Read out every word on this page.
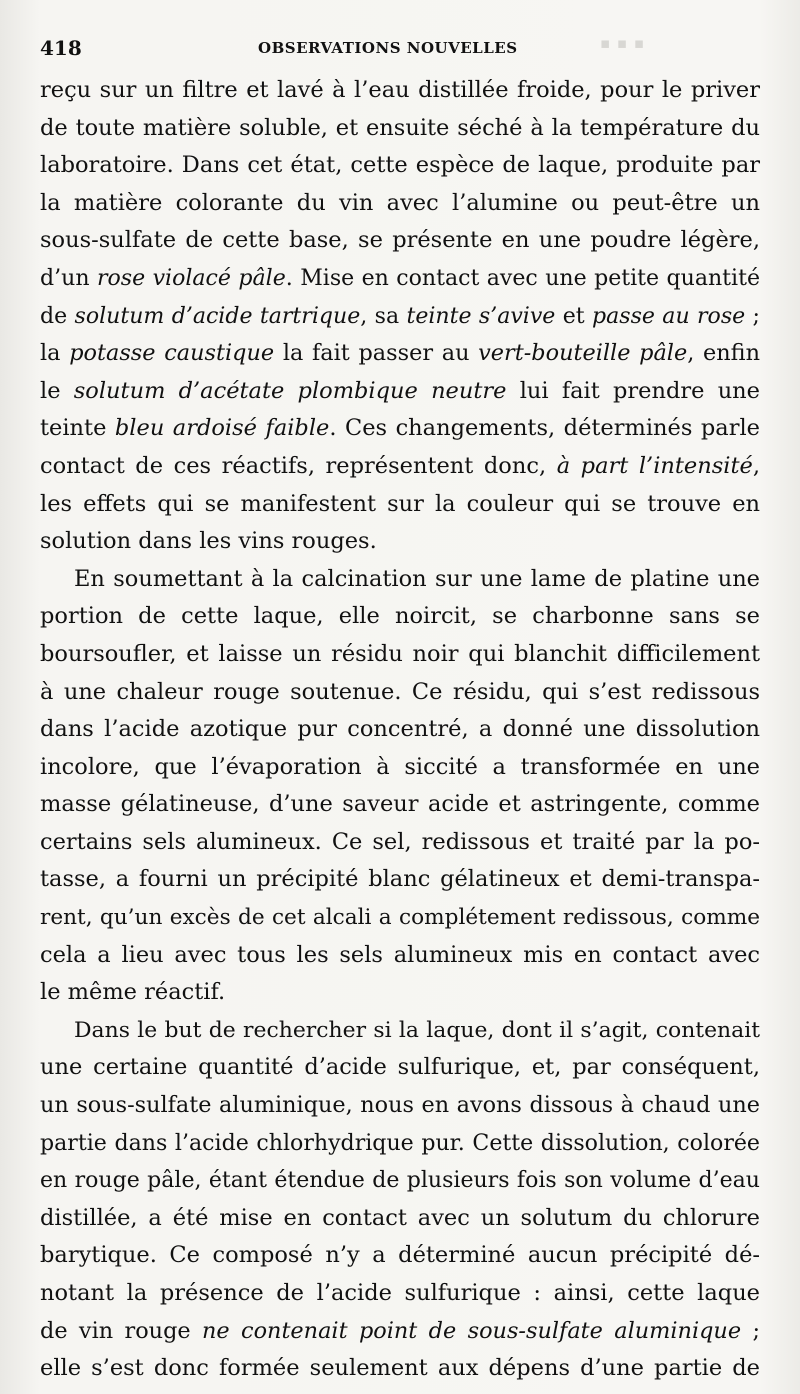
▪ ▪ ▪
418	OBSERVATIONS NOUVELLES
reçu sur un filtre et lavé à l’eau distillée froide, pour le priver
de toute matière soluble, et ensuite séché à la température du
laboratoire. Dans cet état, cette espèce de laque, produite par
la matière colorante du vin avec l’alumine ou peut-être un
sous-sulfate de cette base, se présente en une poudre légère,
d’un rose violacé pâle. Mise en contact avec une petite quantité
de solutum d’acide tartrique, sa teinte s’avive et passe au rose ;
la potasse caustique la fait passer au vert-bouteille pâle, enfin
le solutum d’acétate plombique neutre lui fait prendre une
teinte bleu ardoisé faible. Ces changements, déterminés parle
contact de ces réactifs, représentent donc, à part l’intensité,
les effets qui se manifestent sur la couleur qui se trouve en
solution dans les vins rouges.
En soumettant à la calcination sur une lame de platine une
portion de cette laque, elle noircit, se charbonne sans se
boursoufler, et laisse un résidu noir qui blanchit difficilement
à une chaleur rouge soutenue. Ce résidu, qui s’est redissous
dans l’acide azotique pur concentré, a donné une dissolution
incolore, que l’évaporation à siccité a transformée en une
masse gélatineuse, d’une saveur acide et astringente, comme
certains sels alumineux. Ce sel, redissous et traité par la po-
tasse, a fourni un précipité blanc gélatineux et demi-transpa-
rent, qu’un excès de cet alcali a complétement redissous, comme
cela a lieu avec tous les sels alumineux mis en contact avec
le même réactif.
Dans le but de rechercher si la laque, dont il s’agit, contenait
une certaine quantité d’acide sulfurique, et, par conséquent,
un sous-sulfate aluminique, nous en avons dissous à chaud une
partie dans l’acide chlorhydrique pur. Cette dissolution, colorée
en rouge pâle, étant étendue de plusieurs fois son volume d’eau
distillée, a été mise en contact avec un solutum du chlorure
barytique. Ce composé n’y a déterminé aucun précipité dé-
notant la présence de l’acide sulfurique : ainsi, cette laque
de vin rouge ne contenait point de sous-sulfate aluminique ;
elle s’est donc formée seulement aux dépens d’une partie de
